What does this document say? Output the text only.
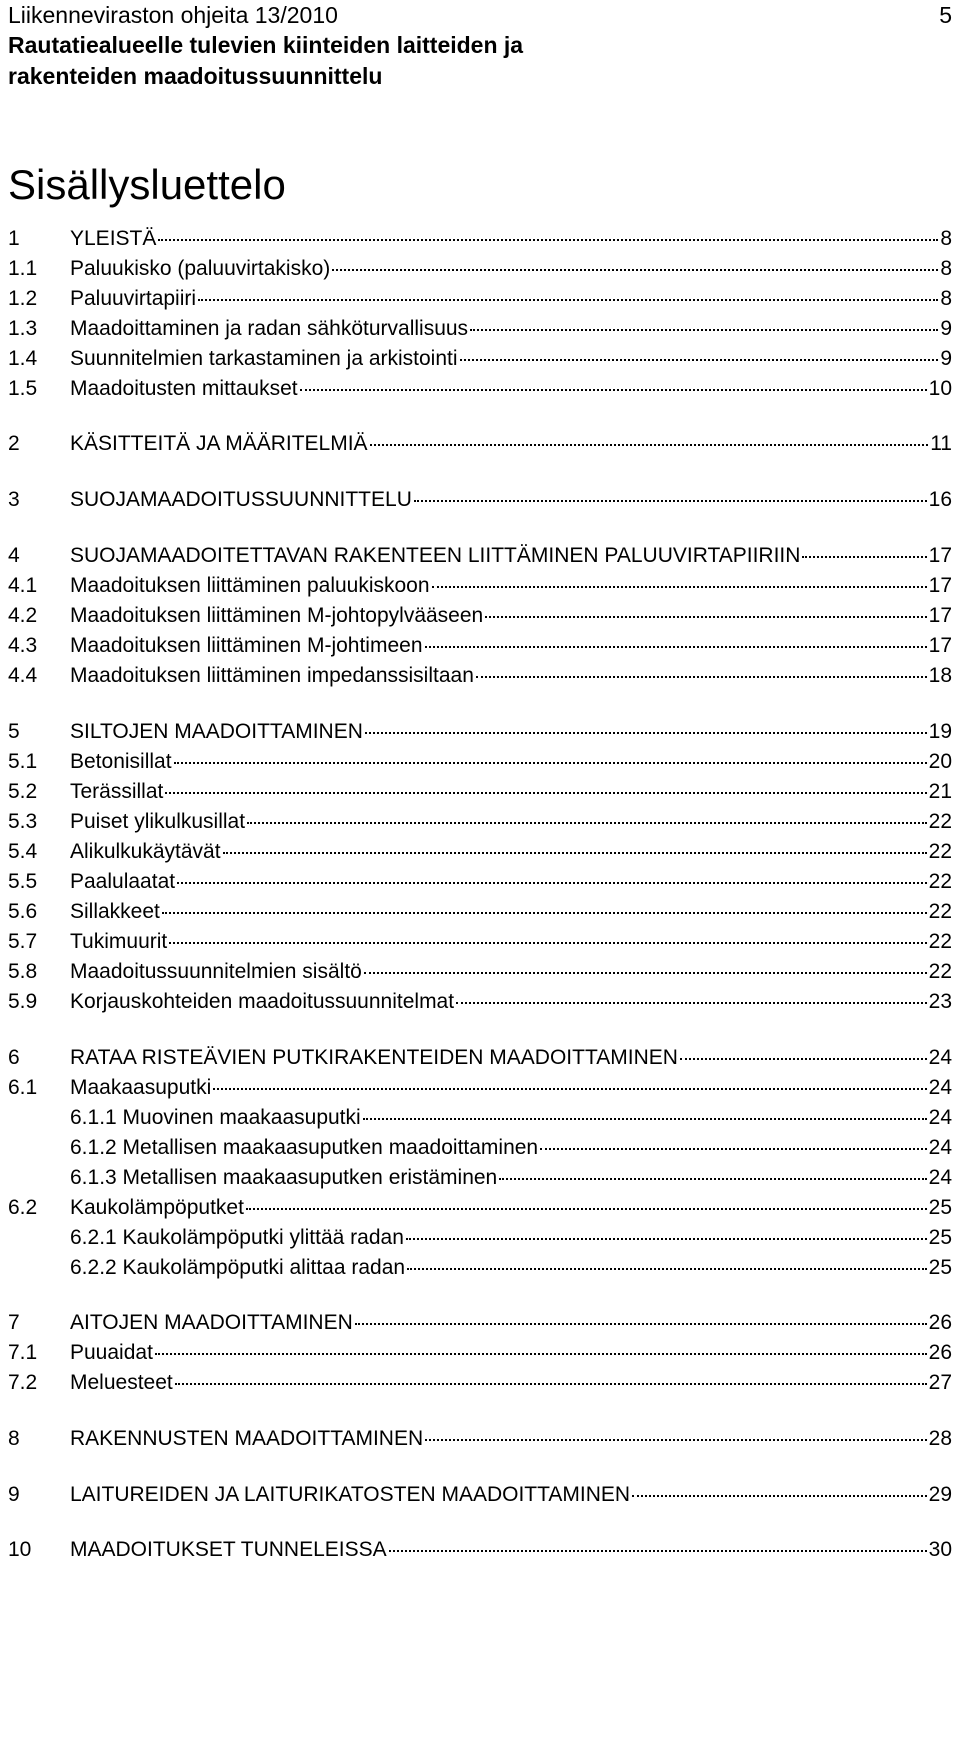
Liikenneviraston ohjeita 13/2010	5
Rautatiealueelle tulevien kiinteiden laitteiden ja
rakenteiden maadoitussuunnittelu
Sisällysluettelo
1	YLEISTÄ	8
1.1	Paluukisko (paluuvirtakisko)	8
1.2	Paluuvirtapiiri	8
1.3	Maadoittaminen ja radan sähköturvallisuus	9
1.4	Suunnitelmien tarkastaminen ja arkistointi	9
1.5	Maadoitusten mittaukset	10
2	KÄSITTEITÄ JA MÄÄRITELMIÄ	11
3	SUOJAMAADOITUSSUUNNITTELU	16
4	SUOJAMAADOITETTAVAN RAKENTEEN LIITTÄMINEN PALUUVIRTAPIIRIIN	17
4.1	Maadoituksen liittäminen paluukiskoon	17
4.2	Maadoituksen liittäminen M-johtopylvääseen	17
4.3	Maadoituksen liittäminen M-johtimeen	17
4.4	Maadoituksen liittäminen impedanssisiltaan	18
5	SILTOJEN MAADOITTAMINEN	19
5.1	Betonisillat	20
5.2	Terässillat	21
5.3	Puiset ylikulkusillat	22
5.4	Alikulkukäytävät	22
5.5	Paalulaatat	22
5.6	Sillakkeet	22
5.7	Tukimuurit	22
5.8	Maadoitussuunnitelmien sisältö	22
5.9	Korjauskohteiden maadoitussuunnitelmat	23
6	RATAA RISTEÄVIEN PUTKIRAKENTEIDEN MAADOITTAMINEN	24
6.1	Maakaasuputki	24
6.1.1 Muovinen maakaasuputki	24
6.1.2 Metallisen maakaasuputken maadoittaminen	24
6.1.3 Metallisen maakaasuputken eristäminen	24
6.2	Kaukolämpöputket	25
6.2.1 Kaukolämpöputki ylittää radan	25
6.2.2 Kaukolämpöputki alittaa radan	25
7	AITOJEN MAADOITTAMINEN	26
7.1	Puuaidat	26
7.2	Meluesteet	27
8	RAKENNUSTEN MAADOITTAMINEN	28
9	LAITUREIDEN JA LAITURIKATOSTEN MAADOITTAMINEN	29
10	MAADOITUKSET TUNNELEISSA	30
